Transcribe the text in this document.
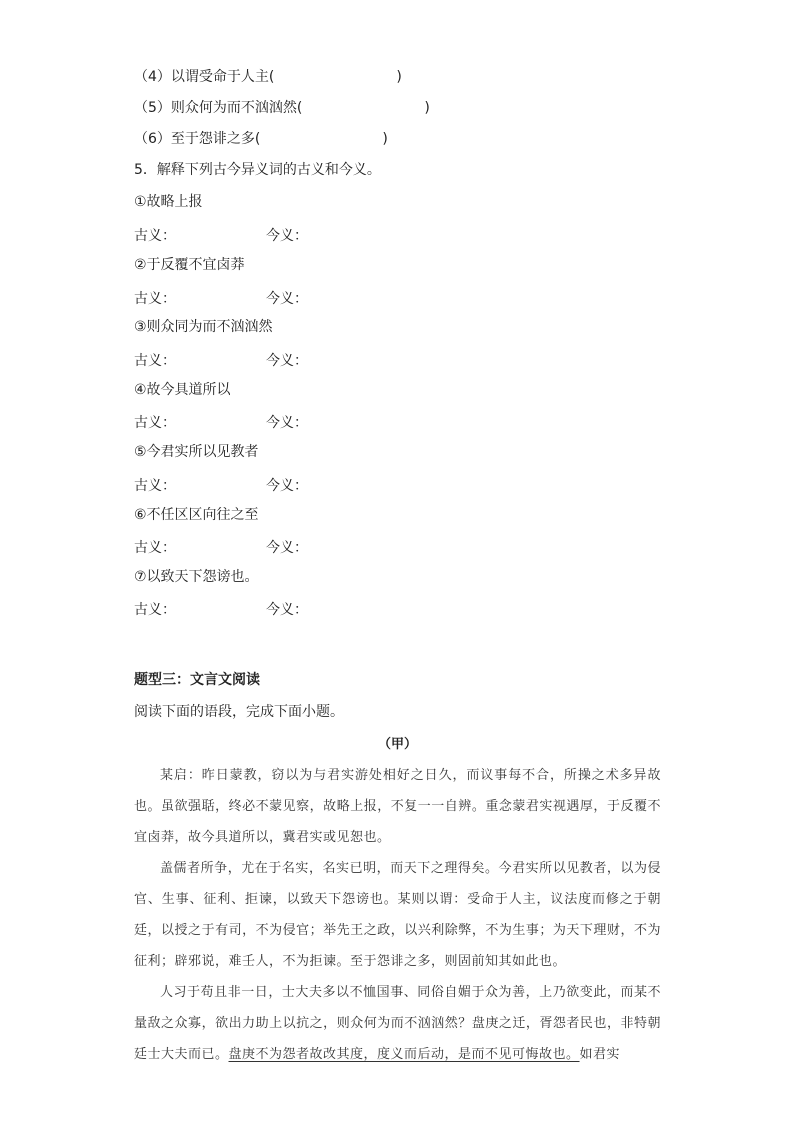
（4）以谓受命于人主(	)
（5）则众何为而不汹汹然(	)
（6）至于怨诽之多(	)
5．解释下列古今异义词的古义和今义。
①故略上报
古义：	今义：
②于反覆不宜卤莽
古义：	今义：
③则众同为而不汹汹然
古义：	今义：
④故今具道所以
古义：	今义：
⑤今君实所以见教者
古义：	今义：
⑥不任区区向往之至
古义：	今义：
⑦以致天下怨谤也。
古义：	今义：
题型三：文言文阅读
阅读下面的语段，完成下面小题。
（甲）

某启：昨日蒙教，窃以为与君实游处相好之日久，而议事每不合，所操之术多异故也。虽欲强聒，终必不蒙见察，故略上报，不复一一自辨。重念蒙君实视遇厚，于反覆不宜卤莽，故今具道所以，冀君实或见恕也。

盖儒者所争，尤在于名实，名实已明，而天下之理得矣。今君实所以见教者，以为侵官、生事、征利、拒谏，以致天下怨谤也。某则以谓：受命于人主，议法度而修之于朝廷，以授之于有司，不为侵官；举先王之政，以兴利除弊，不为生事；为天下理财，不为征利；辟邪说，难壬人，不为拒谏。至于怨诽之多，则固前知其如此也。

人习于苟且非一日，士大夫多以不恤国事、同俗自媚于众为善，上乃欲变此，而某不量敌之众寡，欲出力助上以抗之，则众何为而不汹汹然？盘庚之迁，胥怨者民也，非特朝廷士大夫而已。盘庚不为怨者故改其度，度义而后动，是而不见可悔故也。如君实
